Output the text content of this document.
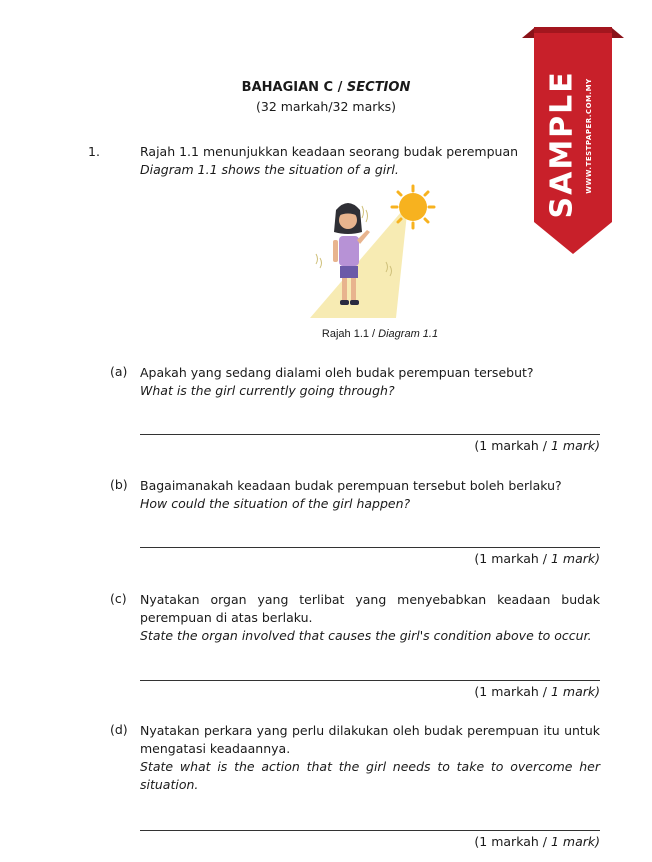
BAHAGIAN C / SECTION
(32 markah/32 marks)
1.	Rajah 1.1 menunjukkan keadaan seorang budak perempuan
Diagram 1.1 shows the situation of a girl.
Rajah 1.1 / Diagram 1.1
(a) Apakah yang sedang dialami oleh budak perempuan tersebut?
What is the girl currently going through?
(1 markah / 1 mark)
(b) Bagaimanakah keadaan budak perempuan tersebut boleh berlaku?
How could the situation of the girl happen?
(1 markah / 1 mark)
(c) Nyatakan organ yang terlibat yang menyebabkan keadaan budak perempuan di atas berlaku.
State the organ involved that causes the girl's condition above to occur.
(1 markah / 1 mark)
(d) Nyatakan perkara yang perlu dilakukan oleh budak perempuan itu untuk mengatasi keadaannya.
State what is the action that the girl needs to take to overcome her situation.
(1 markah / 1 mark)
SAMPLE WWW.TESTPAPER.COM.MY
